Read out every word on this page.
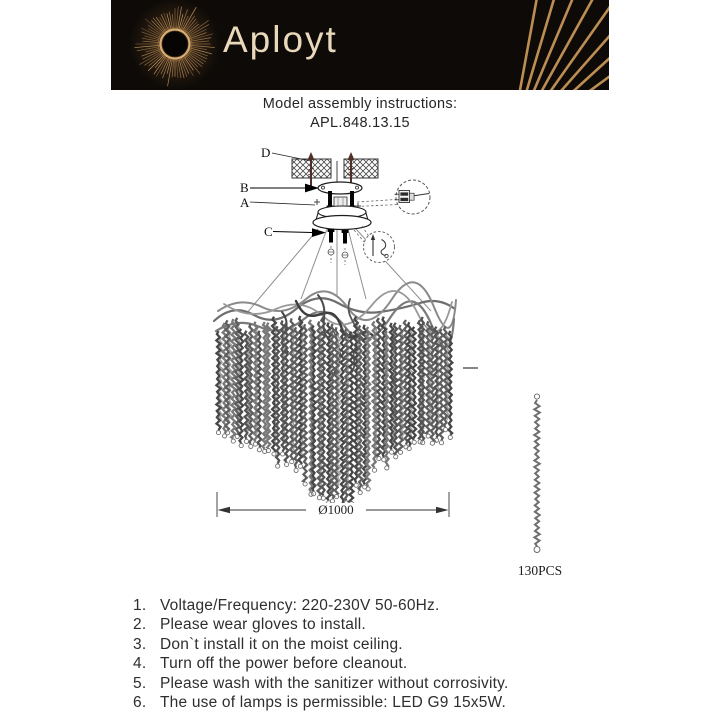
Aployt
Model assembly instructions:
APL.848.13.15
D
B
A
C
Ø1000
130PCS
Voltage/Frequency: 220-230V 50-60Hz.
Please wear gloves to install.
Don`t install it on the moist ceiling.
Turn off the power before cleanout.
Please wash with the sanitizer without corrosivity.
The use of lamps is permissible: LED G9 15x5W.
